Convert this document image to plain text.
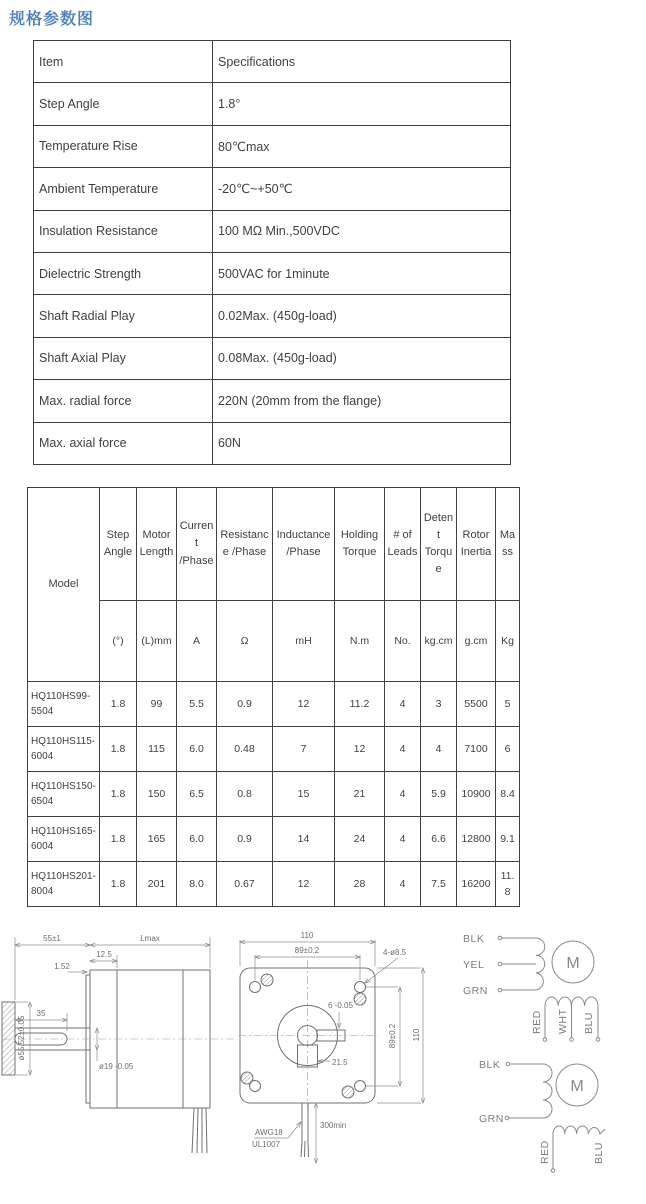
规格参数图
Item	Specifications
Step Angle	1.8°
Temperature Rise	80℃max
Ambient Temperature	-20℃~+50℃
Insulation Resistance	100 MΩ Min.,500VDC
Dielectric Strength	500VAC for 1minute
Shaft Radial Play	0.02Max. (450g-load)
Shaft Axial Play	0.08Max. (450g-load)
Max. radial force	220N (20mm from the flange)
Max. axial force	60N
Model	Step Angle	Motor Length	Current /Phase	Resistance /Phase	Inductance /Phase	Holding Torque	# of Leads	Detent Torque	Rotor Inertia	Mass
	(°)	(L)mm	A	Ω	mH	N.m	No.	kg.cm	g.cm	Kg
HQ110HS99-5504	1.8	99	5.5	0.9	12	11.2	4	3	5500	5
HQ110HS115-6004	1.8	115	6.0	0.48	7	12	4	4	7100	6
HQ110HS150-6504	1.8	150	6.5	0.8	15	21	4	5.9	10900	8.4
HQ110HS165-6004	1.8	165	6.0	0.9	14	24	4	6.6	12800	9.1
HQ110HS201-8004	1.8	201	8.0	0.67	12	28	4	7.5	16200	11.8
55±1	Lmax
12.5
1.52
35
ø19 -0.05
ø55.52±0.05
110
89±0.2	4-ø8.5
6 -0.05
21.5
89±0.2 110
AWG18
UL1007
300min
BLK
YEL
GRN
M
RED WHT BLU
BLK
GRN
M
RED	BLU
